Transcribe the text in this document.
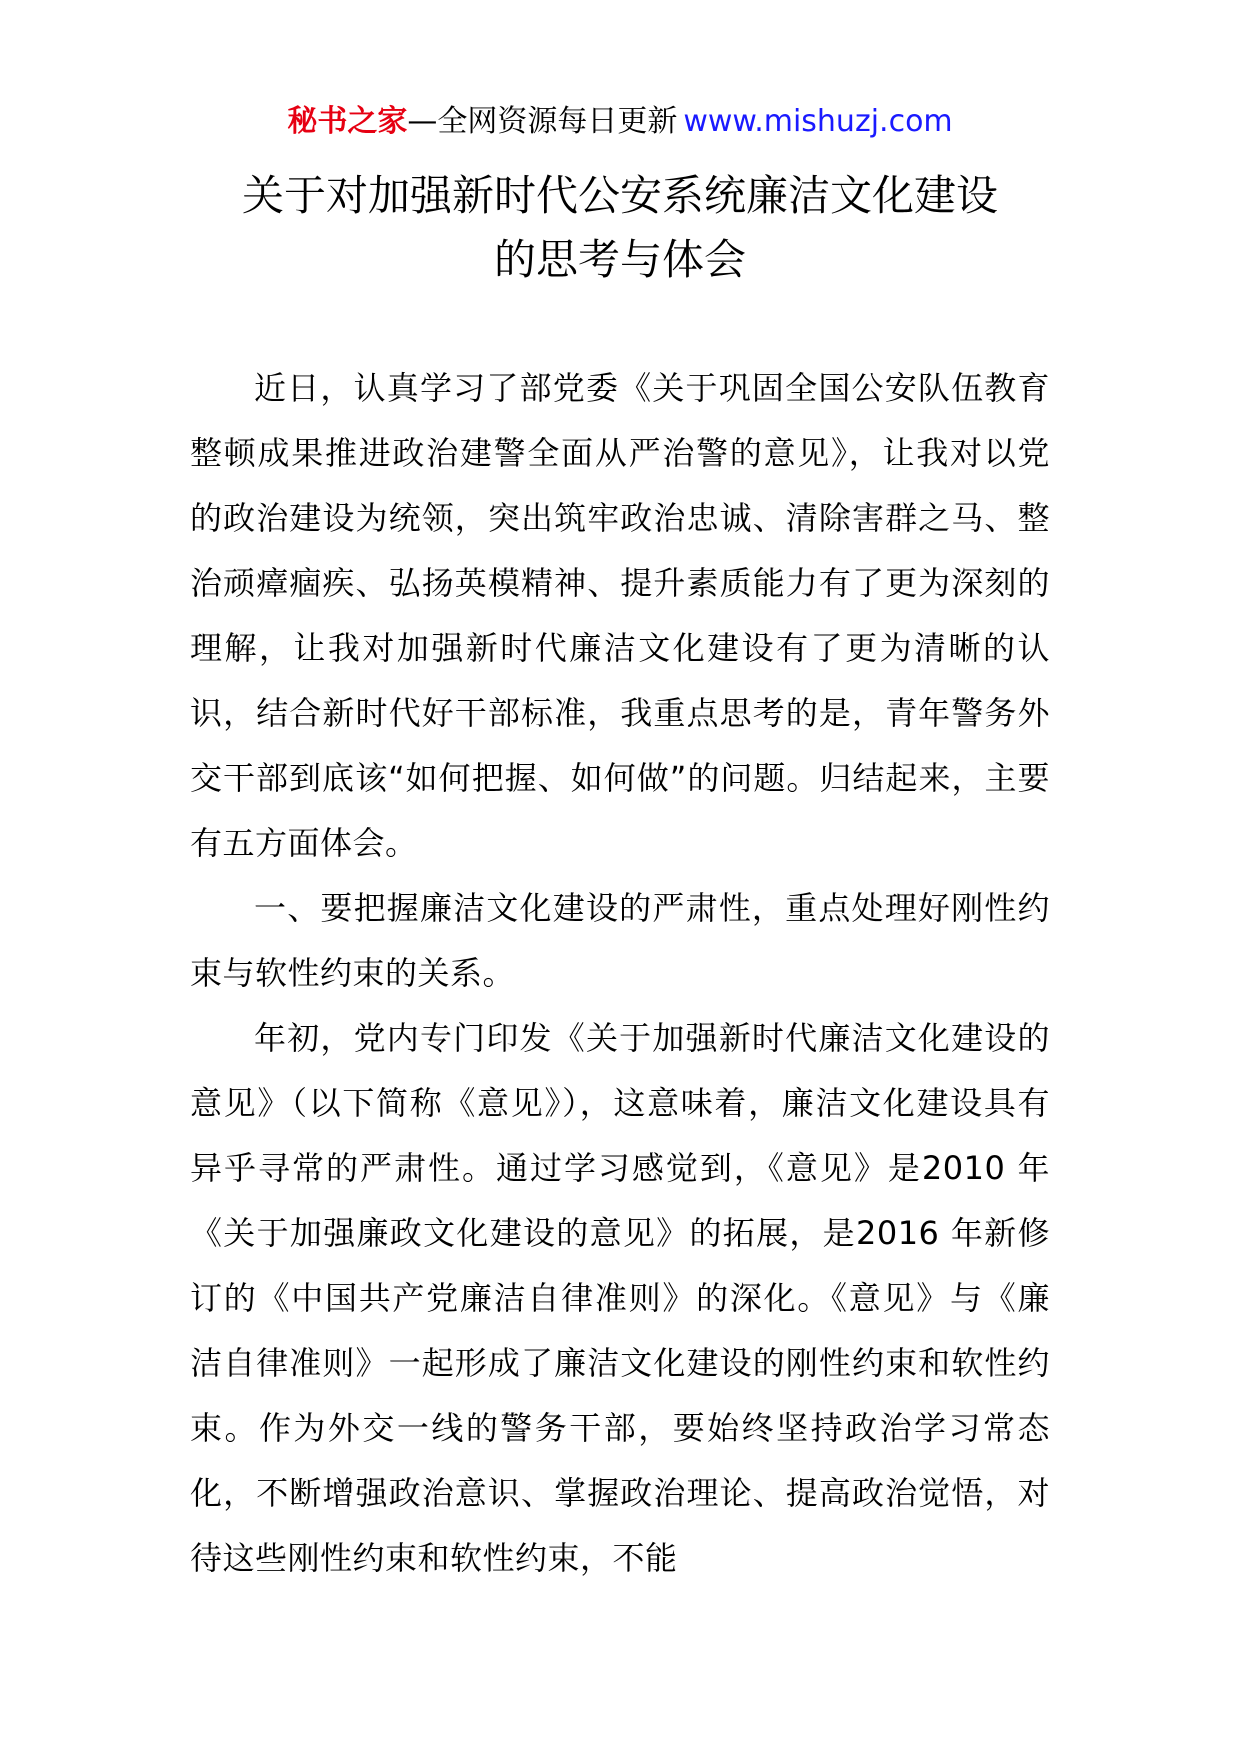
秘书之家—全网资源每日更新 www.mishuzj.com
关于对加强新时代公安系统廉洁文化建设
的思考与体会

近日，认真学习了部党委《关于巩固全国公安队伍教育整顿成果推进政治建警全面从严治警的意见》，让我对以党的政治建设为统领，突出筑牢政治忠诚、清除害群之马、整治顽瘴痼疾、弘扬英模精神、提升素质能力有了更为深刻的理解，让我对加强新时代廉洁文化建设有了更为清晰的认识，结合新时代好干部标准，我重点思考的是，青年警务外交干部到底该“如何把握、如何做”的问题。归结起来，主要有五方面体会。

一、要把握廉洁文化建设的严肃性，重点处理好刚性约束与软性约束的关系。

年初，党内专门印发《关于加强新时代廉洁文化建设的意见》（以下简称《意见》），这意味着，廉洁文化建设具有异乎寻常的严肃性。通过学习感觉到，《意见》是2010 年《关于加强廉政文化建设的意见》的拓展，是2016 年新修订的《中国共产党廉洁自律准则》的深化。《意见》与《廉洁自律准则》一起形成了廉洁文化建设的刚性约束和软性约束。作为外交一线的警务干部，要始终坚持政治学习常态化，不断增强政治意识、掌握政治理论、提高政治觉悟，对待这些刚性约束和软性约束，不能
